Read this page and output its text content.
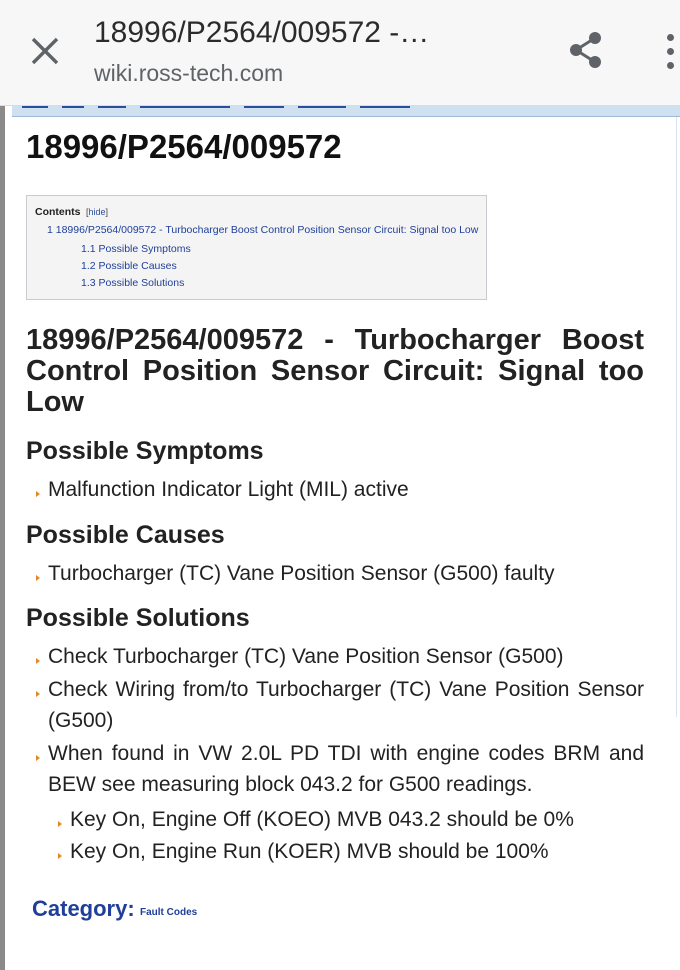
18996/P2564/009572 -…
wiki.ross-tech.com
18996/P2564/009572
Contents
[ hide ]
1 18996/P2564/009572 - Turbocharger Boost Control Position Sensor Circuit: Signal too Low
1.1 Possible Symptoms
1.2 Possible Causes
1.3 Possible Solutions
18996/P2564/009572 - Turbocharger Boost Control Position Sensor Circuit: Signal too Low
Possible Symptoms
Malfunction Indicator Light (MIL) active
Possible Causes
Turbocharger (TC) Vane Position Sensor (G500) faulty
Possible Solutions
Check Turbocharger (TC) Vane Position Sensor (G500)
Check Wiring from/to Turbocharger (TC) Vane Position Sensor (G500)
When found in VW 2.0L PD TDI with engine codes BRM and BEW see measuring block 043.2 for G500 readings.
Key On, Engine Off (KOEO) MVB 043.2 should be 0%
Key On, Engine Run (KOER) MVB should be 100%
Category: Fault Codes
